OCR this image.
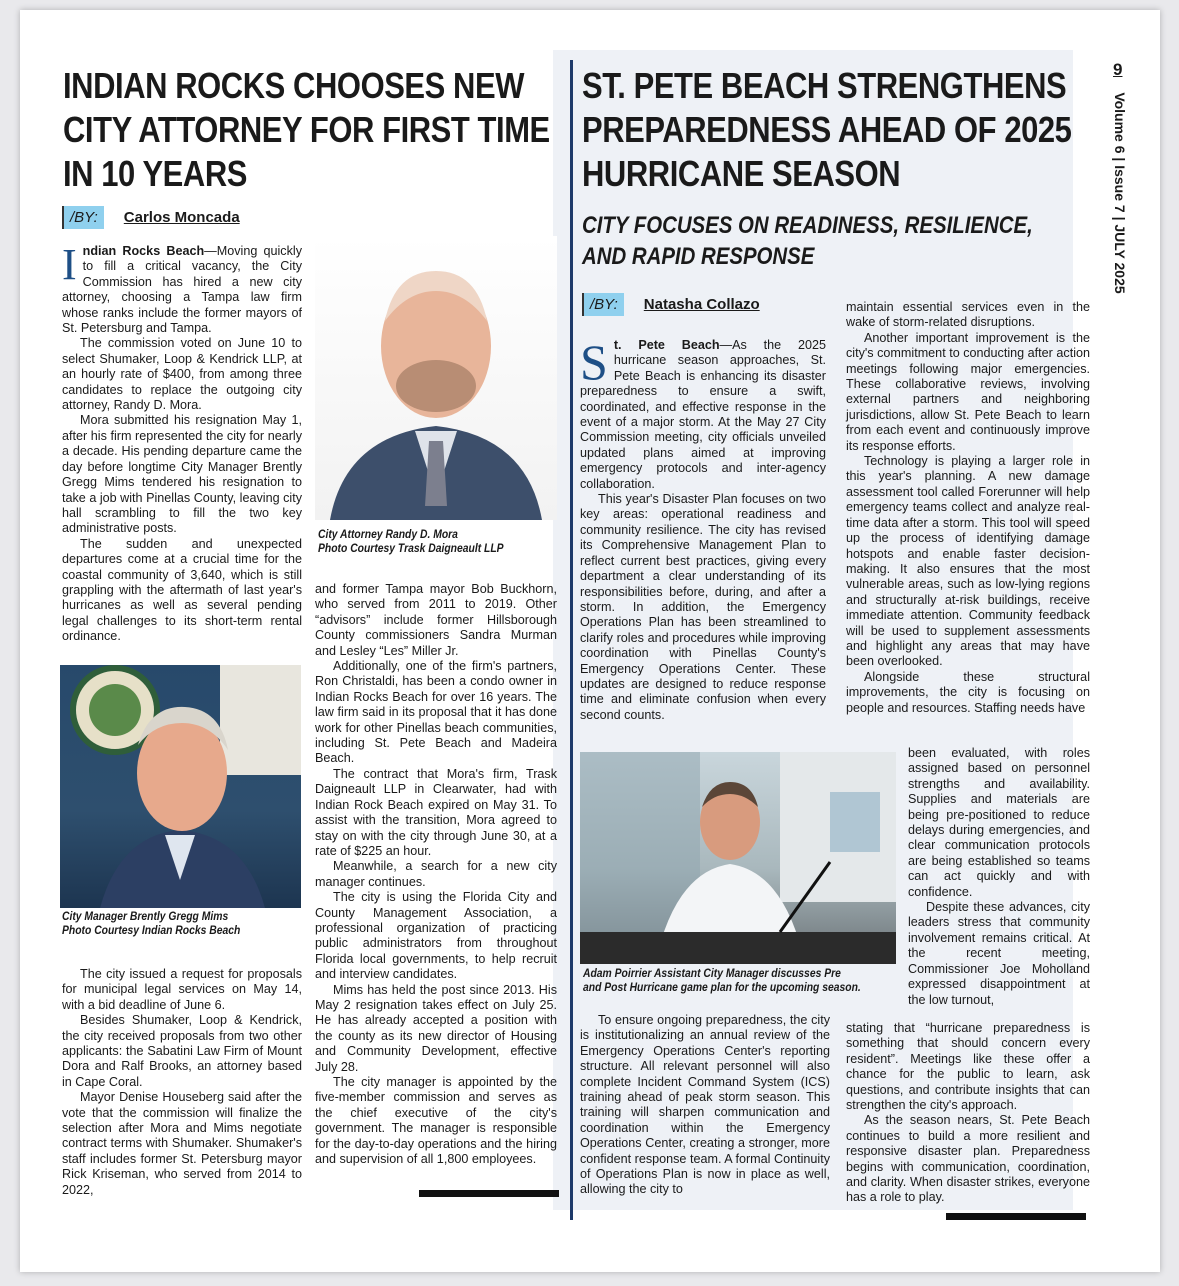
9
Volume 6 | Issue 7 | JULY 2025
INDIAN ROCKS CHOOSES NEW
CITY ATTORNEY FOR FIRST TIME
IN 10 YEARS
/BY:	Carlos Moncada

Indian Rocks Beach—Moving quickly to fill a critical vacancy, the City Commission has hired a new city attorney, choosing a Tampa law firm whose ranks include the former mayors of St. Petersburg and Tampa.

The commission voted on June 10 to select Shumaker, Loop & Kendrick LLP, at an hourly rate of $400, from among three candidates to replace the outgoing city attorney, Randy D. Mora.

Mora submitted his resignation May 1, after his firm represented the city for nearly a decade. His pending departure came the day before longtime City Manager Brently Gregg Mims tendered his resignation to take a job with Pinellas County, leaving city hall scrambling to fill the two key administrative posts.

The sudden and unexpected departures come at a crucial time for the coastal community of 3,640, which is still grappling with the aftermath of last year's hurricanes as well as several pending legal challenges to its short-term rental ordinance.

City Manager Brently Gregg Mims
Photo Courtesy Indian Rocks Beach

The city issued a request for proposals for municipal legal services on May 14, with a bid deadline of June 6.

Besides Shumaker, Loop & Kendrick, the city received proposals from two other applicants: the Sabatini Law Firm of Mount Dora and Ralf Brooks, an attorney based in Cape Coral.

Mayor Denise Houseberg said after the vote that the commission will finalize the selection after Mora and Mims negotiate contract terms with Shumaker. Shumaker's staff includes former St. Petersburg mayor Rick Kriseman, who served from 2014 to 2022,

City Attorney Randy D. Mora
Photo Courtesy Trask Daigneault LLP

and former Tampa mayor Bob Buckhorn, who served from 2011 to 2019. Other “advisors” include former Hillsborough County commissioners Sandra Murman and Lesley “Les” Miller Jr.

Additionally, one of the firm's partners, Ron Christaldi, has been a condo owner in Indian Rocks Beach for over 16 years. The law firm said in its proposal that it has done work for other Pinellas beach communities, including St. Pete Beach and Madeira Beach.

The contract that Mora's firm, Trask Daigneault LLP in Clearwater, had with Indian Rock Beach expired on May 31. To assist with the transition, Mora agreed to stay on with the city through June 30, at a rate of $225 an hour.

Meanwhile, a search for a new city manager continues.

The city is using the Florida City and County Management Association, a professional organization of practicing public administrators from throughout Florida local governments, to help recruit and interview candidates.

Mims has held the post since 2013. His May 2 resignation takes effect on July 25. He has already accepted a position with the county as its new director of Housing and Community Development, effective July 28.

The city manager is appointed by the five-member commission and serves as the chief executive of the city's government. The manager is responsible for the day-to-day operations and the hiring and supervision of all 1,800 employees.

ST. PETE BEACH STRENGTHENS
PREPAREDNESS AHEAD OF 2025
HURRICANE SEASON
CITY FOCUSES ON READINESS, RESILIENCE,
AND RAPID RESPONSE
/BY:	Natasha Collazo

St. Pete Beach—As the 2025 hurricane season approaches, St. Pete Beach is enhancing its disaster preparedness to ensure a swift, coordinated, and effective response in the event of a major storm. At the May 27 City Commission meeting, city officials unveiled updated plans aimed at improving emergency protocols and inter-agency collaboration.

This year's Disaster Plan focuses on two key areas: operational readiness and community resilience. The city has revised its Comprehensive Management Plan to reflect current best practices, giving every department a clear understanding of its responsibilities before, during, and after a storm. In addition, the Emergency Operations Plan has been streamlined to clarify roles and procedures while improving coordination with Pinellas County's Emergency Operations Center. These updates are designed to reduce response time and eliminate confusion when every second counts.

Adam Poirrier Assistant City Manager discusses Pre
and Post Hurricane game plan for the upcoming season.

To ensure ongoing preparedness, the city is institutionalizing an annual review of the Emergency Operations Center's reporting structure. All relevant personnel will also complete Incident Command System (ICS) training ahead of peak storm season. This training will sharpen communication and coordination within the Emergency Operations Center, creating a stronger, more confident response team. A formal Continuity of Operations Plan is now in place as well, allowing the city to

maintain essential services even in the wake of storm-related disruptions.

Another important improvement is the city's commitment to conducting after action meetings following major emergencies. These collaborative reviews, involving external partners and neighboring jurisdictions, allow St. Pete Beach to learn from each event and continuously improve its response efforts.

Technology is playing a larger role in this year's planning. A new damage assessment tool called Forerunner will help emergency teams collect and analyze real-time data after a storm. This tool will speed up the process of identifying damage hotspots and enable faster decision-making. It also ensures that the most vulnerable areas, such as low-lying regions and structurally at-risk buildings, receive immediate attention. Community feedback will be used to supplement assessments and highlight any areas that may have been overlooked.

Alongside these structural improvements, the city is focusing on people and resources. Staffing needs have

been evaluated, with roles assigned based on personnel strengths and availability. Supplies and materials are being pre-positioned to reduce delays during emergencies, and clear communication protocols are being established so teams can act quickly and with confidence.

Despite these advances, city leaders stress that community involvement remains critical. At the recent meeting, Commissioner Joe Moholland expressed disappointment at the low turnout,

stating that “hurricane preparedness is something that should concern every resident”. Meetings like these offer a chance for the public to learn, ask questions, and contribute insights that can strengthen the city's approach.

As the season nears, St. Pete Beach continues to build a more resilient and responsive disaster plan. Preparedness begins with communication, coordination, and clarity. When disaster strikes, everyone has a role to play.
